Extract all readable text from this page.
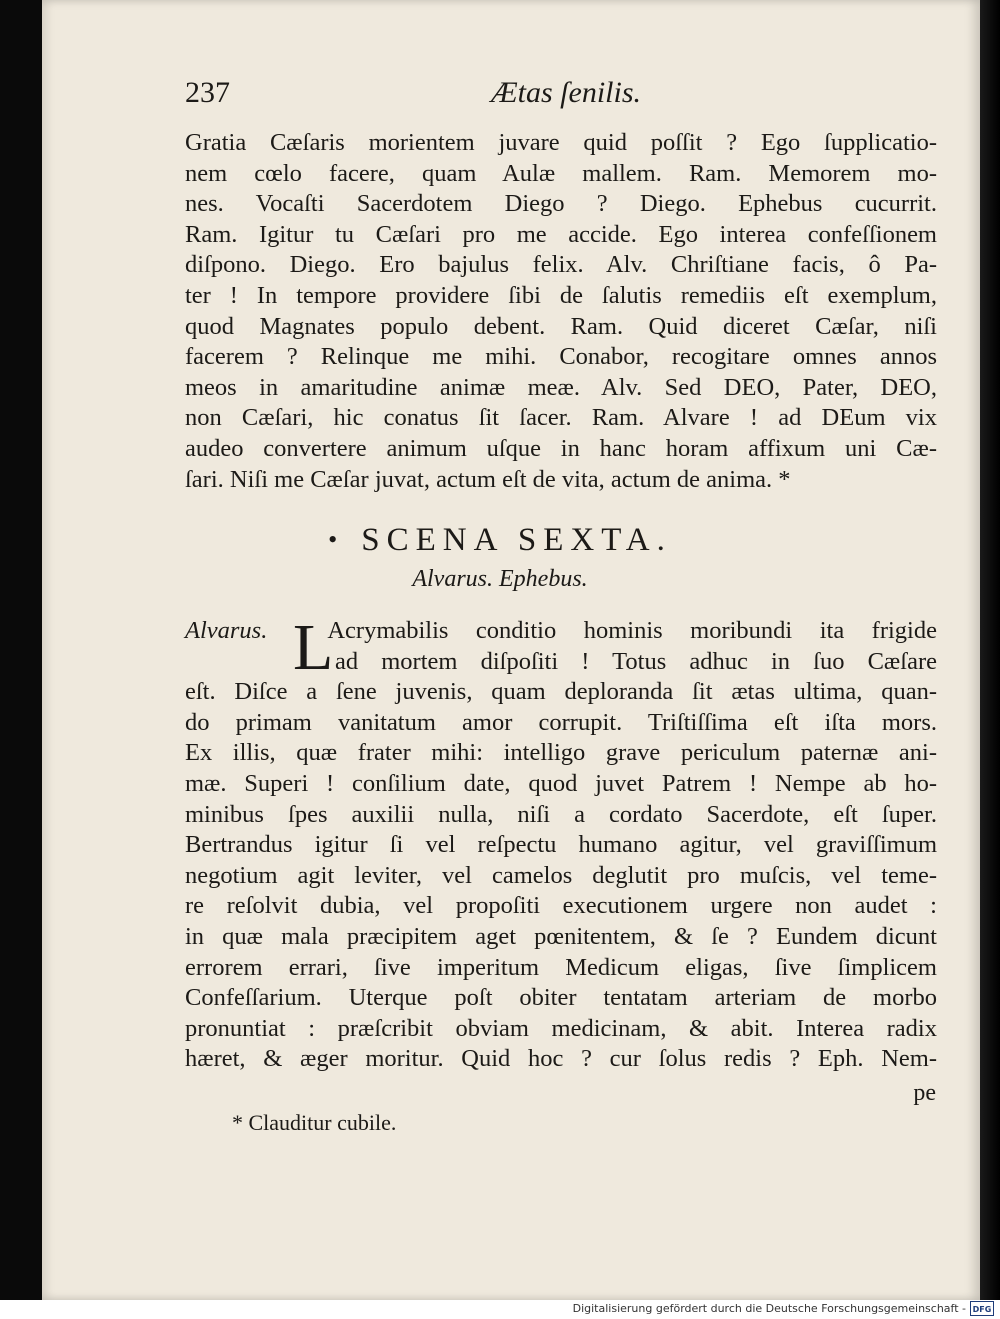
237	Ætas ſenilis.
Gratia Cæſaris morientem juvare quid poſſit ? Ego ſupplicatio-
nem cœlo facere, quam Aulæ mallem. Ram. Memorem mo-
nes. Vocaſti Sacerdotem Diego ? Diego. Ephebus cucurrit.
Ram. Igitur tu Cæſari pro me accide. Ego interea confeſſionem
diſpono. Diego. Ero bajulus felix. Alv. Chriſtiane facis, ô Pa-
ter ! In tempore providere ſibi de ſalutis remediis eſt exemplum,
quod Magnates populo debent. Ram. Quid diceret Cæſar, niſi
facerem ? Relinque me mihi. Conabor, recogitare omnes annos
meos in amaritudine animæ meæ. Alv. Sed DEO, Pater, DEO,
non Cæſari, hic conatus ſit ſacer. Ram. Alvare ! ad DEum vix
audeo convertere animum uſque in hanc horam affixum uni Cæ-
ſari. Niſi me Cæſar juvat, actum eſt de vita, actum de anima. *
• SCENA SEXTA.
Alvarus. Ephebus.
L
Alvarus. Acrymabilis conditio hominis moribundi ita frigide
ad mortem diſpoſiti ! Totus adhuc in ſuo Cæſare
eſt. Diſce a ſene juvenis, quam deploranda ſit ætas ultima, quan-
do primam vanitatum amor corrupit. Triſtiſſima eſt iſta mors.
Ex illis, quæ frater mihi: intelligo grave periculum paternæ ani-
mæ. Superi ! conſilium date, quod juvet Patrem ! Nempe ab ho-
minibus ſpes auxilii nulla, niſi a cordato Sacerdote, eſt ſuper.
Bertrandus igitur ſi vel reſpectu humano agitur, vel graviſſimum
negotium agit leviter, vel camelos deglutit pro muſcis, vel teme-
re reſolvit dubia, vel propoſiti executionem urgere non audet :
in quæ mala præcipitem aget pœnitentem, & ſe ? Eundem dicunt
errorem errari, ſive imperitum Medicum eligas, ſive ſimplicem
Confeſſarium. Uterque poſt obiter tentatam arteriam de morbo
pronuntiat : præſcribit obviam medicinam, & abit. Interea radix
hæret, & æger moritur. Quid hoc ? cur ſolus redis ? Eph. Nem-
pe
* Clauditur cubile.
Digitalisierung gefördert durch die Deutsche Forschungsgemeinschaft - DFG
